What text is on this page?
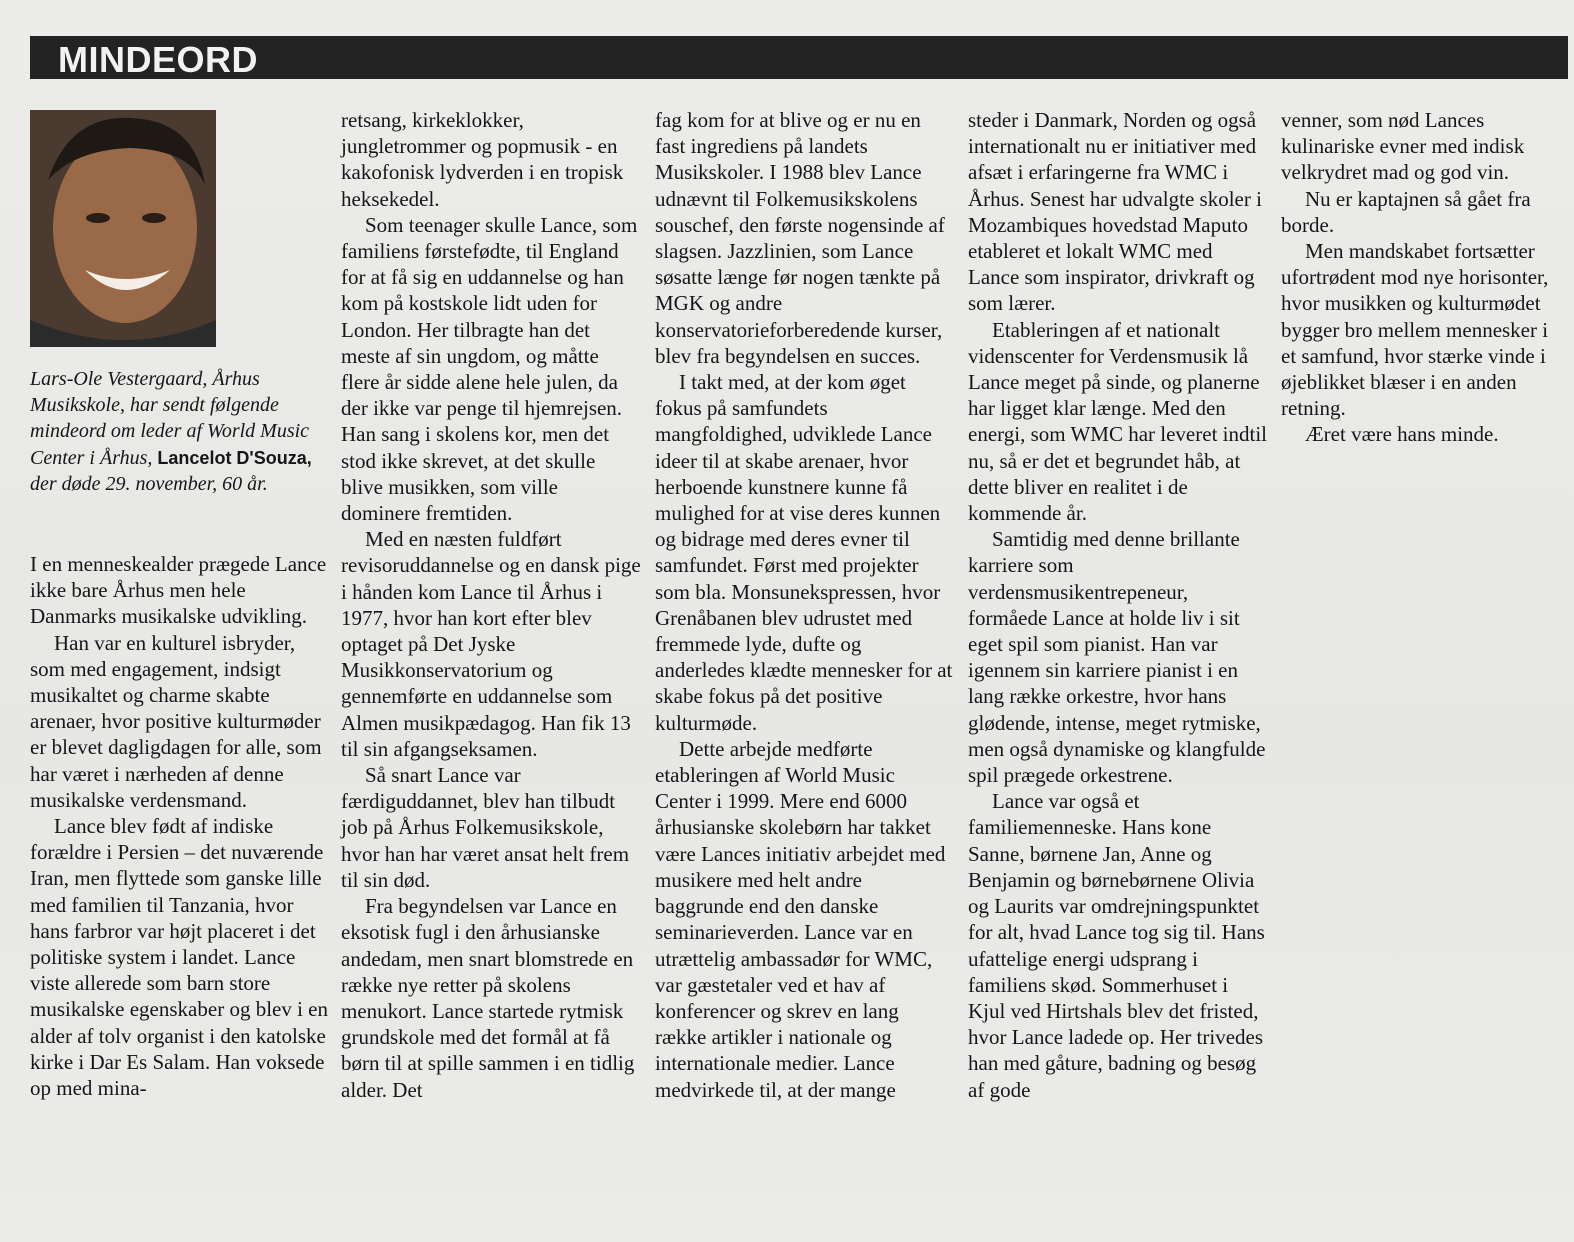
MINDEORD
Lars-Ole Vestergaard, Århus Musikskole, har sendt følgende mindeord om leder af World Music Center i Århus, Lancelot D'Souza, der døde 29. november, 60 år.

I en menneskealder prægede Lance ikke bare Århus men hele Danmarks musikalske udvikling.

Han var en kulturel isbryder, som med engagement, indsigt musikaltet og charme skabte arenaer, hvor positive kulturmøder er blevet dagligdagen for alle, som har været i nærheden af denne musikalske verdensmand.

Lance blev født af indiske forældre i Persien – det nuværende Iran, men flyttede som ganske lille med familien til Tanzania, hvor hans farbror var højt placeret i det politiske system i landet. Lance viste allerede som barn store musikalske egenskaber og blev i en alder af tolv organist i den katolske kirke i Dar Es Salam. Han voksede op med mina-

retsang, kirkeklokker, jungletrommer og popmusik - en kakofonisk lydverden i en tropisk heksekedel.

Som teenager skulle Lance, som familiens førstefødte, til England for at få sig en uddannelse og han kom på kostskole lidt uden for London. Her tilbragte han det meste af sin ungdom, og måtte flere år sidde alene hele julen, da der ikke var penge til hjemrejsen. Han sang i skolens kor, men det stod ikke skrevet, at det skulle blive musikken, som ville dominere fremtiden.

Med en næsten fuldført revisoruddannelse og en dansk pige i hånden kom Lance til Århus i 1977, hvor han kort efter blev optaget på Det Jyske Musikkonservatorium og gennemførte en uddannelse som Almen musikpædagog. Han fik 13 til sin afgangseksamen.

Så snart Lance var færdiguddannet, blev han tilbudt job på Århus Folkemusikskole, hvor han har været ansat helt frem til sin død.

Fra begyndelsen var Lance en eksotisk fugl i den århusianske andedam, men snart blomstrede en række nye retter på skolens menukort. Lance startede rytmisk grundskole med det formål at få børn til at spille sammen i en tidlig alder. Det

fag kom for at blive og er nu en fast ingrediens på landets Musikskoler. I 1988 blev Lance udnævnt til Folkemusikskolens souschef, den første nogensinde af slagsen. Jazzlinien, som Lance søsatte længe før nogen tænkte på MGK og andre konservatorieforberedende kurser, blev fra begyndelsen en succes.

I takt med, at der kom øget fokus på samfundets mangfoldighed, udviklede Lance ideer til at skabe arenaer, hvor herboende kunstnere kunne få mulighed for at vise deres kunnen og bidrage med deres evner til samfundet. Først med projekter som bla. Monsunekspressen, hvor Grenåbanen blev udrustet med fremmede lyde, dufte og anderledes klædte mennesker for at skabe fokus på det positive kulturmøde.

Dette arbejde medførte etableringen af World Music Center i 1999. Mere end 6000 århusianske skolebørn har takket være Lances initiativ arbejdet med musikere med helt andre baggrunde end den danske seminarieverden. Lance var en utrættelig ambassadør for WMC, var gæstetaler ved et hav af konferencer og skrev en lang række artikler i nationale og internationale medier. Lance medvirkede til, at der mange

steder i Danmark, Norden og også internationalt nu er initiativer med afsæt i erfaringerne fra WMC i Århus. Senest har udvalgte skoler i Mozambiques hovedstad Maputo etableret et lokalt WMC med Lance som inspirator, drivkraft og som lærer.

Etableringen af et nationalt videnscenter for Verdensmusik lå Lance meget på sinde, og planerne har ligget klar længe. Med den energi, som WMC har leveret indtil nu, så er det et begrundet håb, at dette bliver en realitet i de kommende år.

Samtidig med denne brillante karriere som verdensmusikentrepeneur, formåede Lance at holde liv i sit eget spil som pianist. Han var igennem sin karriere pianist i en lang række orkestre, hvor hans glødende, intense, meget rytmiske, men også dynamiske og klangfulde spil prægede orkestrene.

Lance var også et familiemenneske. Hans kone Sanne, børnene Jan, Anne og Benjamin og børnebørnene Olivia og Laurits var omdrejningspunktet for alt, hvad Lance tog sig til. Hans ufattelige energi udsprang i familiens skød. Sommerhuset i Kjul ved Hirtshals blev det fristed, hvor Lance ladede op. Her trivedes han med gåture, badning og besøg af gode

venner, som nød Lances kulinariske evner med indisk velkrydret mad og god vin.

Nu er kaptajnen så gået fra borde.

Men mandskabet fortsætter ufortrødent mod nye horisonter, hvor musikken og kulturmødet bygger bro mellem mennesker i et samfund, hvor stærke vinde i øjeblikket blæser i en anden retning.

Æret være hans minde.
